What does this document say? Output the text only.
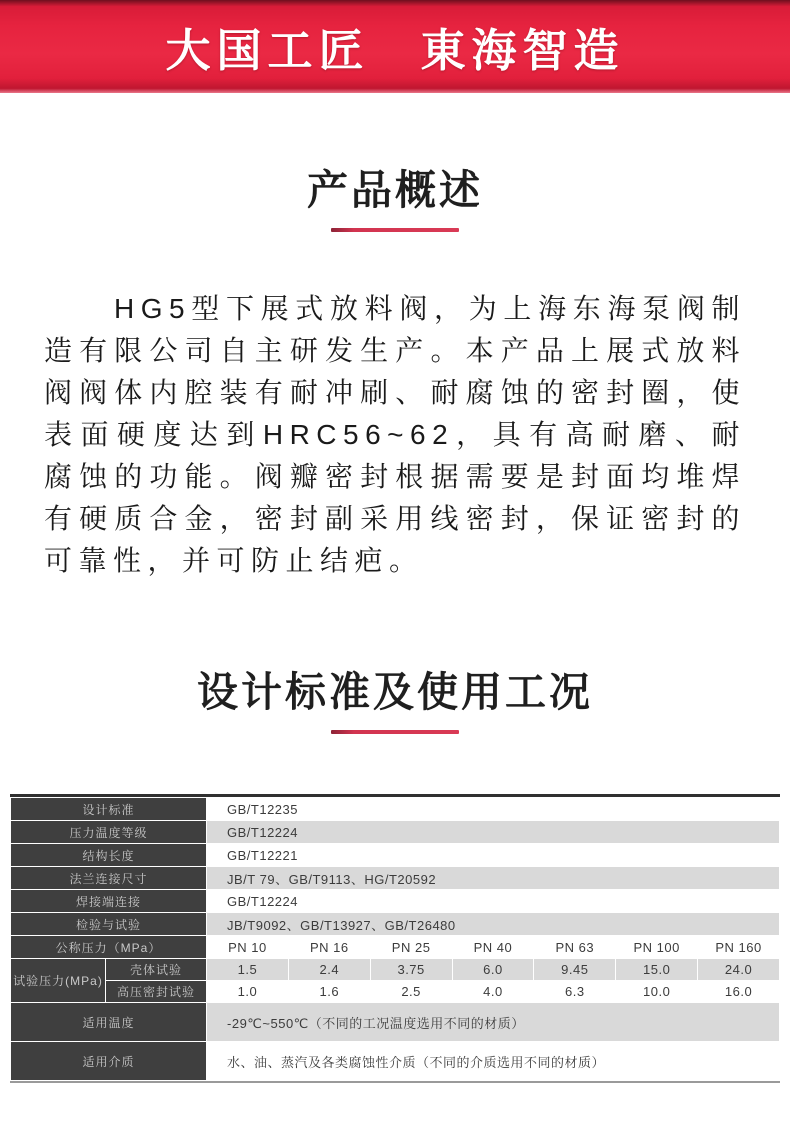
大国工匠　東海智造
产品概述

HG5型下展式放料阀，为上海东海泵阀制造有限公司自主研发生产。本产品上展式放料阀阀体内腔装有耐冲刷、耐腐蚀的密封圈，使表面硬度达到HRC56~62，具有高耐磨、耐腐蚀的功能。阀瓣密封根据需要是封面均堆焊有硬质合金，密封副采用线密封，保证密封的可靠性，并可防止结疤。

设计标准及使用工况
设计标准		GB/T12235						
压力温度等级		GB/T12224						
结构长度		GB/T12221						
法兰连接尺寸		JB/T 79、GB/T9113、HG/T20592						
焊接端连接		GB/T12224						
检验与试验		JB/T9092、GB/T13927、GB/T26480						
公称压力（MPa）		PN 10	PN 16	PN 25	PN 40	PN 63	PN 100	PN 160
试验压力(MPa)	壳体试验	1.5	2.4	3.75	6.0	9.45	15.0	24.0
	高压密封试验	1.0	1.6	2.5	4.0	6.3	10.0	16.0
适用温度		-29℃~550℃（不同的工况温度选用不同的材质）						
适用介质		水、油、蒸汽及各类腐蚀性介质（不同的介质选用不同的材质）						
